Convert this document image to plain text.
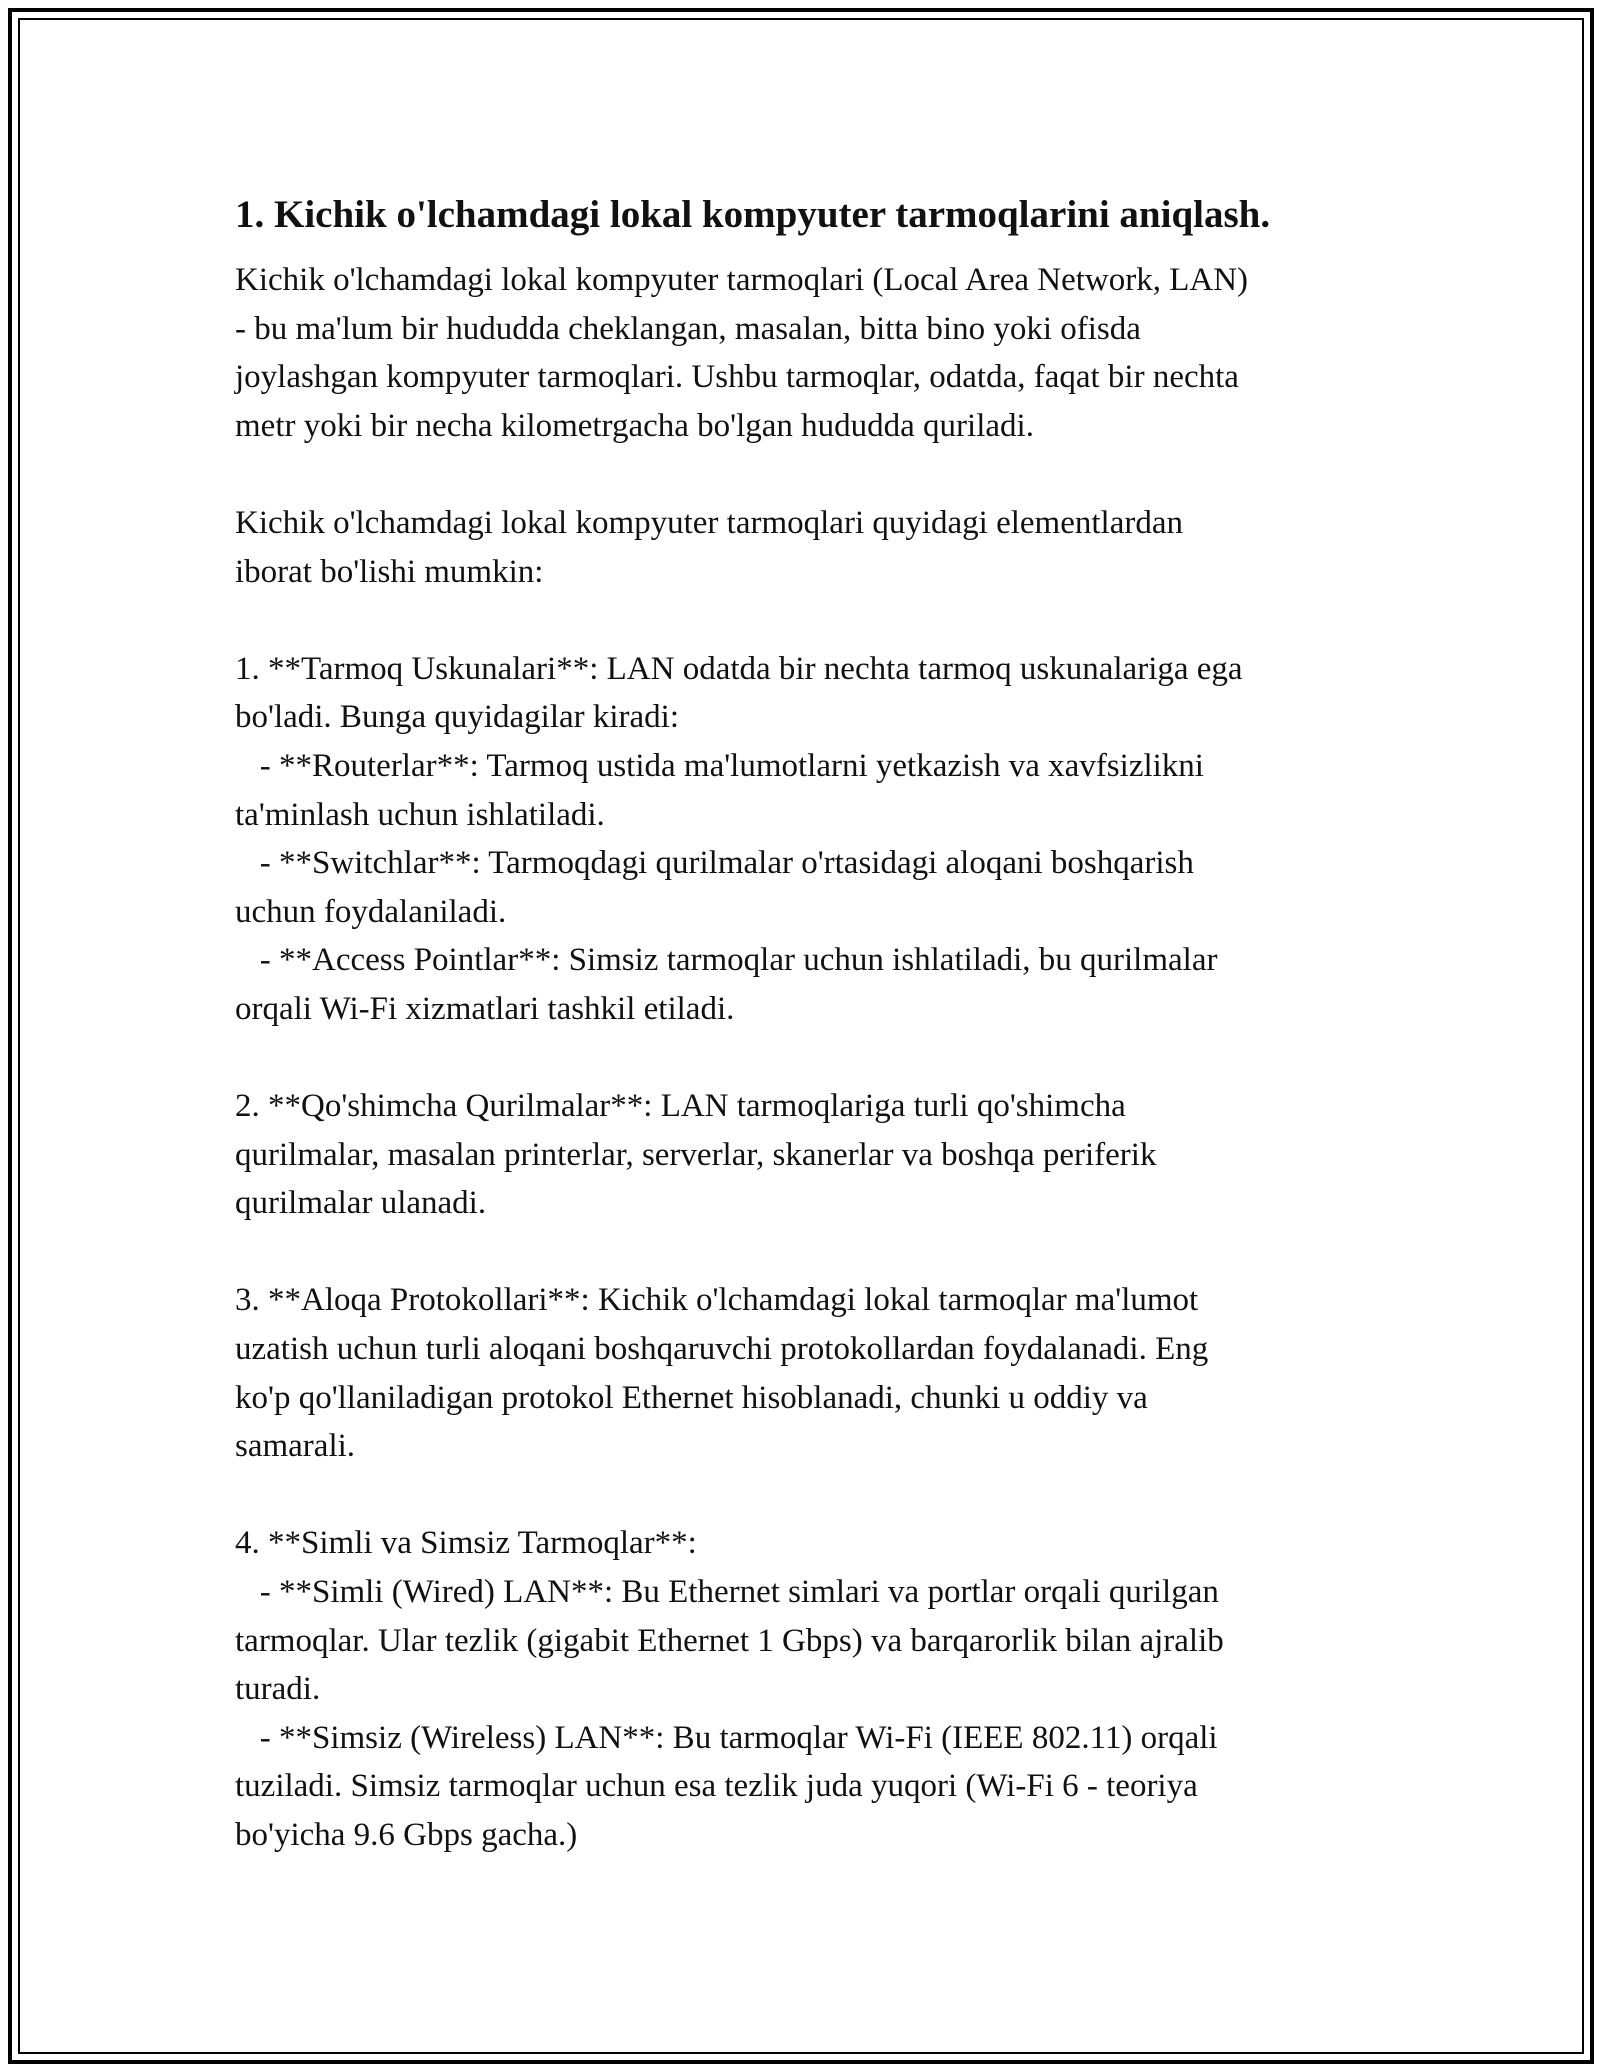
1. Kichik o'lchamdagi lokal kompyuter tarmoqlarini aniqlash.
Kichik o'lchamdagi lokal kompyuter tarmoqlari (Local Area Network, LAN)
- bu ma'lum bir hududda cheklangan, masalan, bitta bino yoki ofisda
joylashgan kompyuter tarmoqlari. Ushbu tarmoqlar, odatda, faqat bir nechta
metr yoki bir necha kilometrgacha bo'lgan hududda quriladi.
Kichik o'lchamdagi lokal kompyuter tarmoqlari quyidagi elementlardan
iborat bo'lishi mumkin:
1. **Tarmoq Uskunalari**: LAN odatda bir nechta tarmoq uskunalariga ega
bo'ladi. Bunga quyidagilar kiradi:
- **Routerlar**: Tarmoq ustida ma'lumotlarni yetkazish va xavfsizlikni
ta'minlash uchun ishlatiladi.
- **Switchlar**: Tarmoqdagi qurilmalar o'rtasidagi aloqani boshqarish
uchun foydalaniladi.
- **Access Pointlar**: Simsiz tarmoqlar uchun ishlatiladi, bu qurilmalar
orqali Wi-Fi xizmatlari tashkil etiladi.
2. **Qo'shimcha Qurilmalar**: LAN tarmoqlariga turli qo'shimcha
qurilmalar, masalan printerlar, serverlar, skanerlar va boshqa periferik
qurilmalar ulanadi.
3. **Aloqa Protokollari**: Kichik o'lchamdagi lokal tarmoqlar ma'lumot
uzatish uchun turli aloqani boshqaruvchi protokollardan foydalanadi. Eng
ko'p qo'llaniladigan protokol Ethernet hisoblanadi, chunki u oddiy va
samarali.
4. **Simli va Simsiz Tarmoqlar**:
- **Simli (Wired) LAN**: Bu Ethernet simlari va portlar orqali qurilgan
tarmoqlar. Ular tezlik (gigabit Ethernet 1 Gbps) va barqarorlik bilan ajralib
turadi.
- **Simsiz (Wireless) LAN**: Bu tarmoqlar Wi-Fi (IEEE 802.11) orqali
tuziladi. Simsiz tarmoqlar uchun esa tezlik juda yuqori (Wi-Fi 6 - teoriya
bo'yicha 9.6 Gbps gacha.)
